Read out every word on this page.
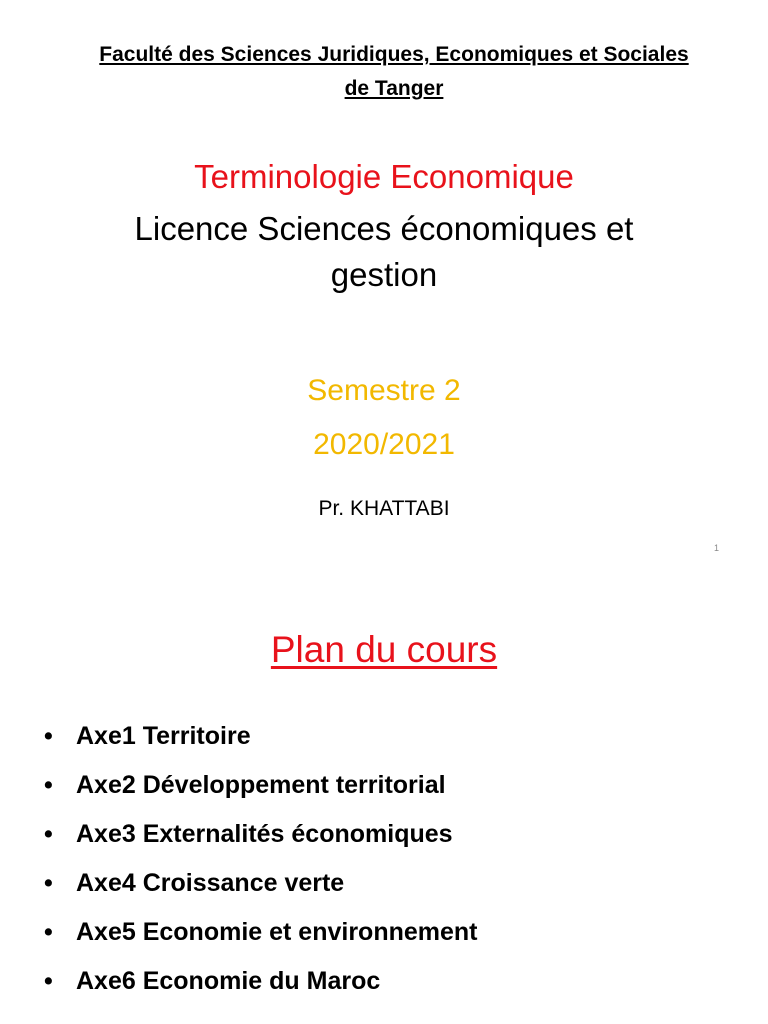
Faculté des Sciences Juridiques, Economiques et Sociales
de Tanger
Terminologie Economique
Licence Sciences économiques et
gestion
Semestre 2
2020/2021
Pr. KHATTABI
1
Plan du cours
• Axe1 Territoire
• Axe2 Développement territorial
• Axe3 Externalités économiques
• Axe4 Croissance verte
• Axe5 Economie et environnement
• Axe6 Economie du Maroc
